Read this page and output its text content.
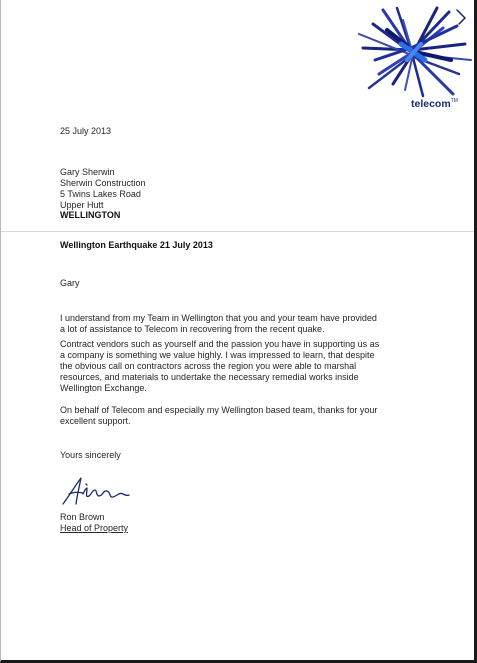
telecom™
25 July 2013
Gary Sherwin
Sherwin Construction
5 Twins Lakes Road
Upper Hutt
WELLINGTON
Wellington Earthquake 21 July 2013
Gary
I understand from my Team in Wellington that you and your team have provided
a lot of assistance to Telecom in recovering from the recent quake.
Contract vendors such as yourself and the passion you have in supporting us as
a company is something we value highly. I was impressed to learn, that despite
the obvious call on contractors across the region you were able to marshal
resources, and materials to undertake the necessary remedial works inside
Wellington Exchange.
On behalf of Telecom and especially my Wellington based team, thanks for your
excellent support.
Yours sincerely
Ron Brown
Head of Property
